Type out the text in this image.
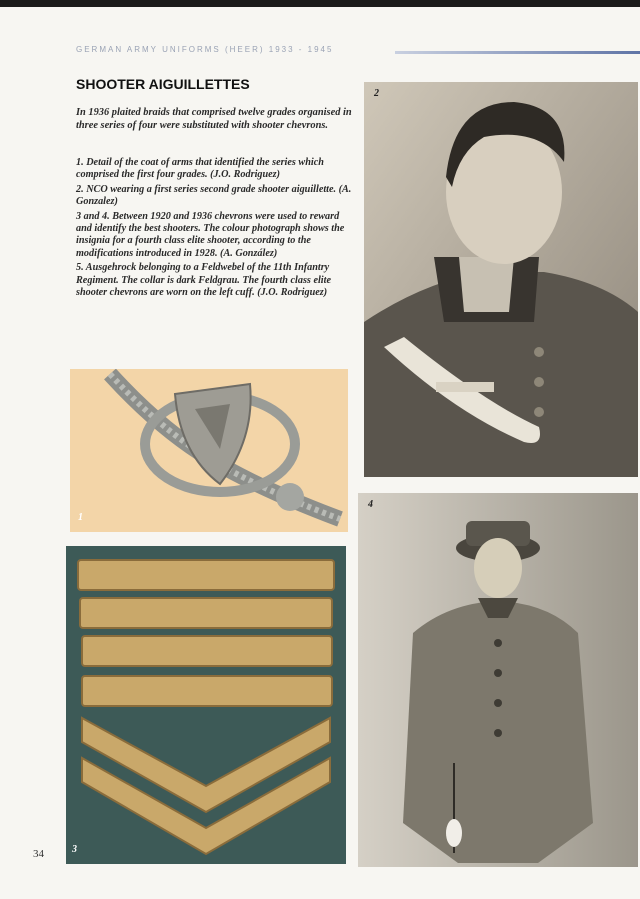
GERMAN ARMY UNIFORMS (HEER) 1933 - 1945
SHOOTER AIGUILLETTES
In 1936 plaited braids that comprised twelve grades organised in three series of four were substituted with shooter chevrons.
1. Detail of the coat of arms that identified the series which comprised the first four grades. (J.O. Rodriguez)
2. NCO wearing a first series second grade shooter aiguillette. (A. Gonzalez)
3 and 4. Between 1920 and 1936 chevrons were used to reward and identify the best shooters. The colour photograph shows the insignia for a fourth class elite shooter, according to the modifications introduced in 1928. (A. González)
5. Ausgehrock belonging to a Feldwebel of the 11th Infantry Regiment. The collar is dark Feldgrau. The fourth class elite shooter chevrons are worn on the left cuff. (J.O. Rodriguez)
2
1
3
4
34
